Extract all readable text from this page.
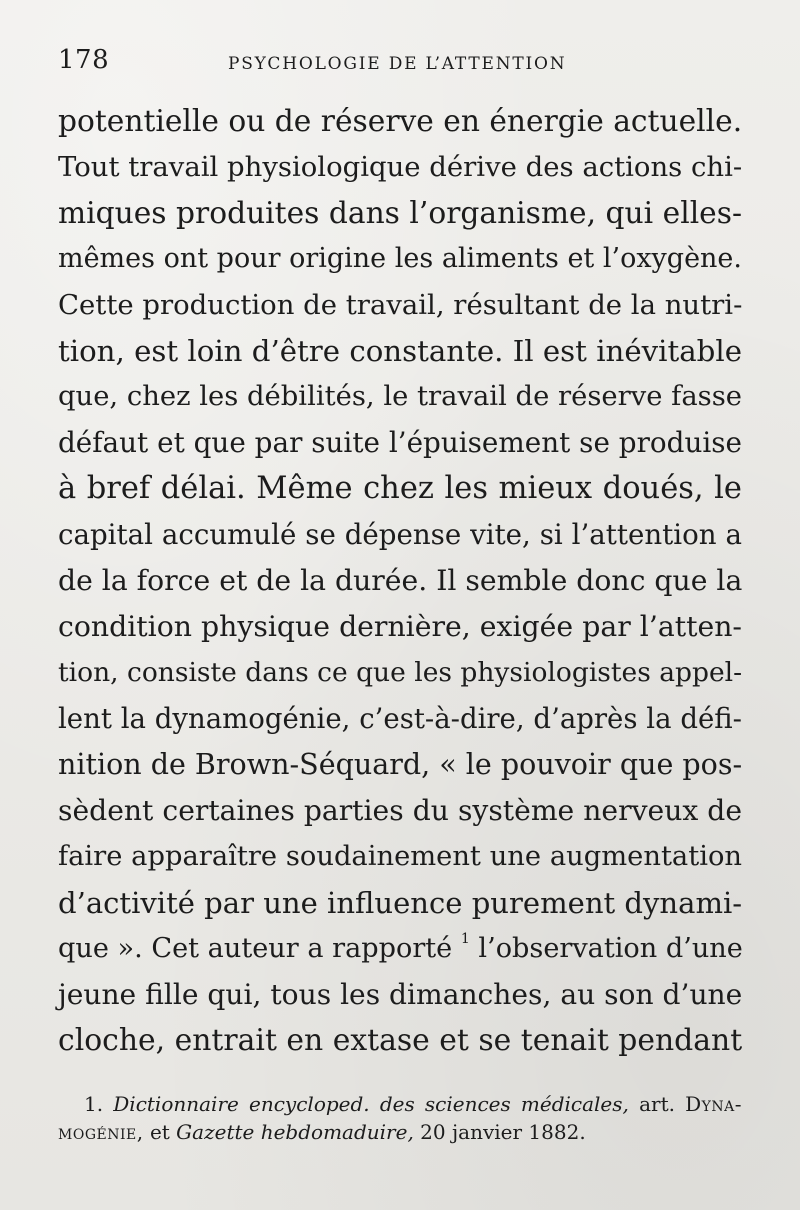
178	PSYCHOLOGIE DE L’ATTENTION
potentielle ou de réserve en énergie actuelle.
Tout travail physiologique dérive des actions chi-
miques produites dans l’organisme, qui elles-
mêmes ont pour origine les aliments et l’oxygène.
Cette production de travail, résultant de la nutri-
tion, est loin d’être constante. Il est inévitable
que, chez les débilités, le travail de réserve fasse
défaut et que par suite l’épuisement se produise
à bref délai. Même chez les mieux doués, le
capital accumulé se dépense vite, si l’attention a
de la force et de la durée. Il semble donc que la
condition physique dernière, exigée par l’atten-
tion, consiste dans ce que les physiologistes appel-
lent la dynamogénie, c’est-à-dire, d’après la défi-
nition de Brown-Séquard, « le pouvoir que pos-
sèdent certaines parties du système nerveux de
faire apparaître soudainement une augmentation
d’activité par une influence purement dynami-
que ». Cet auteur a rapporté $^1$ l’observation d’une
jeune fille qui, tous les dimanches, au son d’une
cloche, entrait en extase et se tenait pendant
1. Dictionnaire encycloped. des sciences médicales, art. Dyna-
mogénie, et Gazette hebdomaduire, 20 janvier 1882.
